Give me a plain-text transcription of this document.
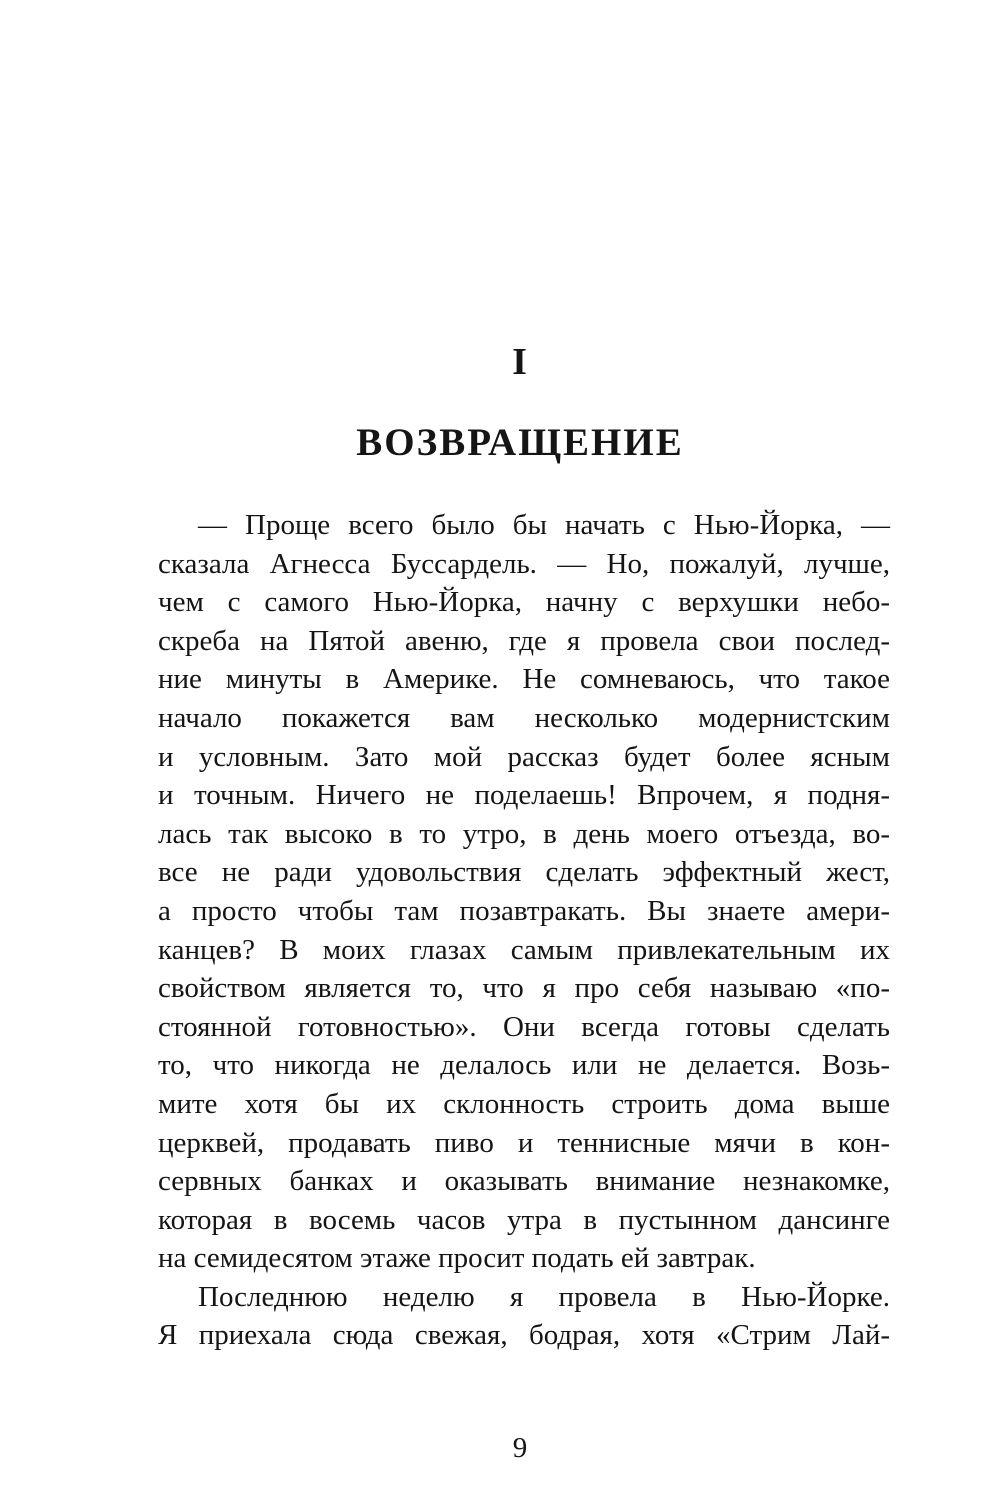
I
ВОЗВРАЩЕНИЕ

— Проще всего было бы начать с Нью-Йорка, —
сказала Агнесса Буссардель. — Но, пожалуй, лучше,
чем с самого Нью-Йорка, начну с верхушки небо-
скреба на Пятой авеню, где я провела свои послед-
ние минуты в Америке. Не сомневаюсь, что такое
начало покажется вам несколько модернистским
и условным. Зато мой рассказ будет более ясным
и точным. Ничего не поделаешь! Впрочем, я подня-
лась так высоко в то утро, в день моего отъезда, во-
все не ради удовольствия сделать эффектный жест,
а просто чтобы там позавтракать. Вы знаете амери-
канцев? В моих глазах самым привлекательным их
свойством является то, что я про себя называю «по-
стоянной готовностью». Они всегда готовы сделать
то, что никогда не делалось или не делается. Возь-
мите хотя бы их склонность строить дома выше
церквей, продавать пиво и теннисные мячи в кон-
сервных банках и оказывать внимание незнакомке,
которая в восемь часов утра в пустынном дансинге
на семидесятом этаже просит подать ей завтрак.

Последнюю неделю я провела в Нью-Йорке.
Я приехала сюда свежая, бодрая, хотя «Стрим Лай-

9
